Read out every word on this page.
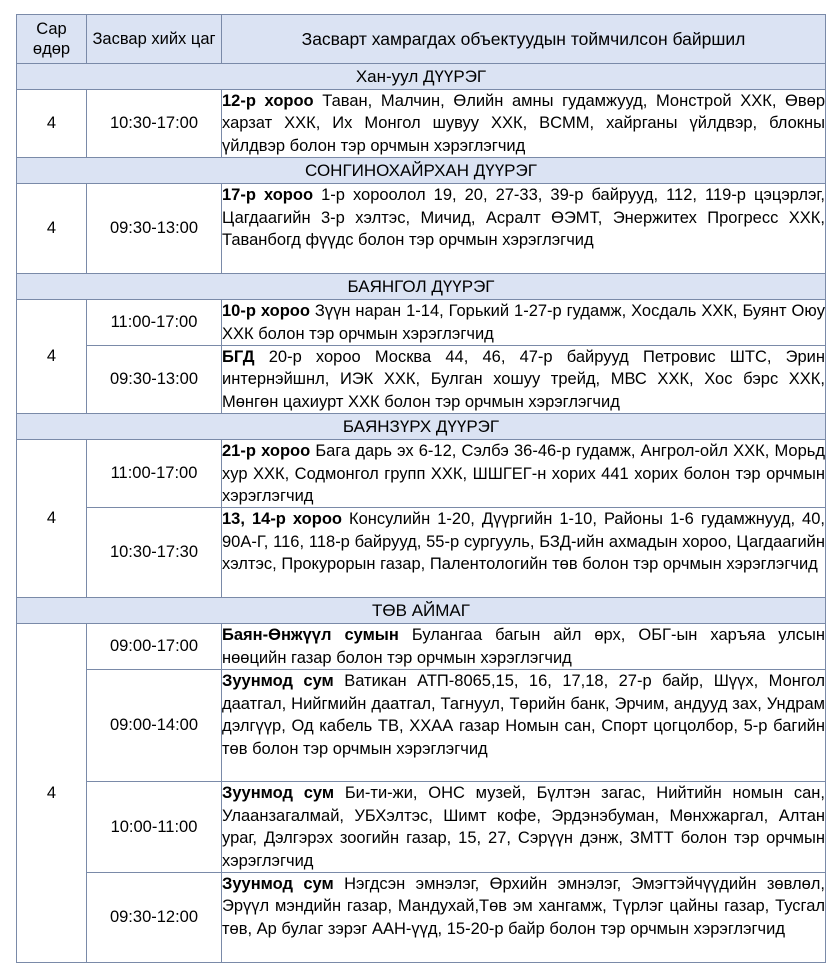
Сар өдөр	Засвар хийх цаг	Засварт хамрагдах объектуудын тоймчилсон байршил
Хан-уул ДҮҮРЭГ		
4	10:30-17:00	12-р хороо Таван, Малчин, Өлийн амны гудамжууд, Монстрой ХХК, Өвөр харзат ХХК, Их Монгол шувуу ХХК, BCMM, хайрганы үйлдвэр, блокны үйлдвэр болон тэр орчмын хэрэглэгчид
СОНГИНОХАЙРХАН ДҮҮРЭГ		
4	09:30-13:00	17-р хороо 1-р хороолол 19, 20, 27-33, 39-р байрууд, 112, 119-р цэцэрлэг, Цагдаагийн 3-р хэлтэс, Мичид, Асралт ӨЭМТ, Энержитех Прогресс ХХК, Таванбогд фүүдс болон тэр орчмын хэрэглэгчид
БАЯНГОЛ ДҮҮРЭГ		
4	11:00-17:00	10-р хороо Зүүн наран 1-14, Горький 1-27-р гудамж, Хосдаль ХХК, Буянт Оюу ХХК болон тэр орчмын хэрэглэгчид
	09:30-13:00	БГД 20-р хороо Москва 44, 46, 47-р байрууд Петровис ШТС, Эрин интернэйшнл, ИЭК ХХК, Булган хошуу трейд, МВС ХХК, Хос бэрс ХХК, Мөнгөн цахиурт ХХК болон тэр орчмын хэрэглэгчид
БАЯНЗҮРХ ДҮҮРЭГ		
4	11:00-17:00	21-р хороо Бага дарь эх 6-12, Сэлбэ 36-46-р гудамж, Ангрол-ойл ХХК, Морьд хур ХХК, Содмонгол групп ХХК, ШШГЕГ-н хорих 441 хорих болон тэр орчмын хэрэглэгчид
	10:30-17:30	13, 14-р хороо Консулийн 1-20, Дүүргийн 1-10, Районы 1-6 гудамжнууд, 40, 90А-Г, 116, 118-р байрууд, 55-р сургууль, БЗД-ийн ахмадын хороо, Цагдаагийн хэлтэс, Прокурорын газар, Палентологийн төв болон тэр орчмын хэрэглэгчид
ТӨВ АЙМАГ		
4	09:00-17:00	Баян-Өнжүүл сумын Булангаа багын айл өрх, ОБГ-ын харъяа улсын нөөцийн газар болон тэр орчмын хэрэглэгчид
	09:00-14:00	Зуунмод сум Ватикан АТП-8065,15, 16, 17,18, 27-р байр, Шүүх, Монгол даатгал, Нийгмийн даатгал, Тагнуул, Төрийн банк, Эрчим, андууд зах, Ундрам дэлгүүр, Од кабель ТВ, ХХАА газар Номын сан, Спорт цогцолбор, 5-р багийн төв болон тэр орчмын хэрэглэгчид
	10:00-11:00	Зуунмод сум Би-ти-жи, ОНС музей, Бүлтэн загас, Нийтийн номын сан, Улаанзагалмай, УБХэлтэс, Шимт кофе, Эрдэнэбуман, Мөнхжаргал, Алтан ураг, Дэлгэрэх зоогийн газар, 15, 27, Сэрүүн дэнж, ЗМТТ болон тэр орчмын хэрэглэгчид
	09:30-12:00	Зуунмод сум Нэгдсэн эмнэлэг, Өрхийн эмнэлэг, Эмэгтэйчүүдийн зөвлөл, Эрүүл мэндийн газар, Мандухай,Төв эм хангамж, Түрлэг цайны газар, Тусгал төв, Ар булаг зэрэг ААН-үүд, 15-20-р байр болон тэр орчмын хэрэглэгчид
